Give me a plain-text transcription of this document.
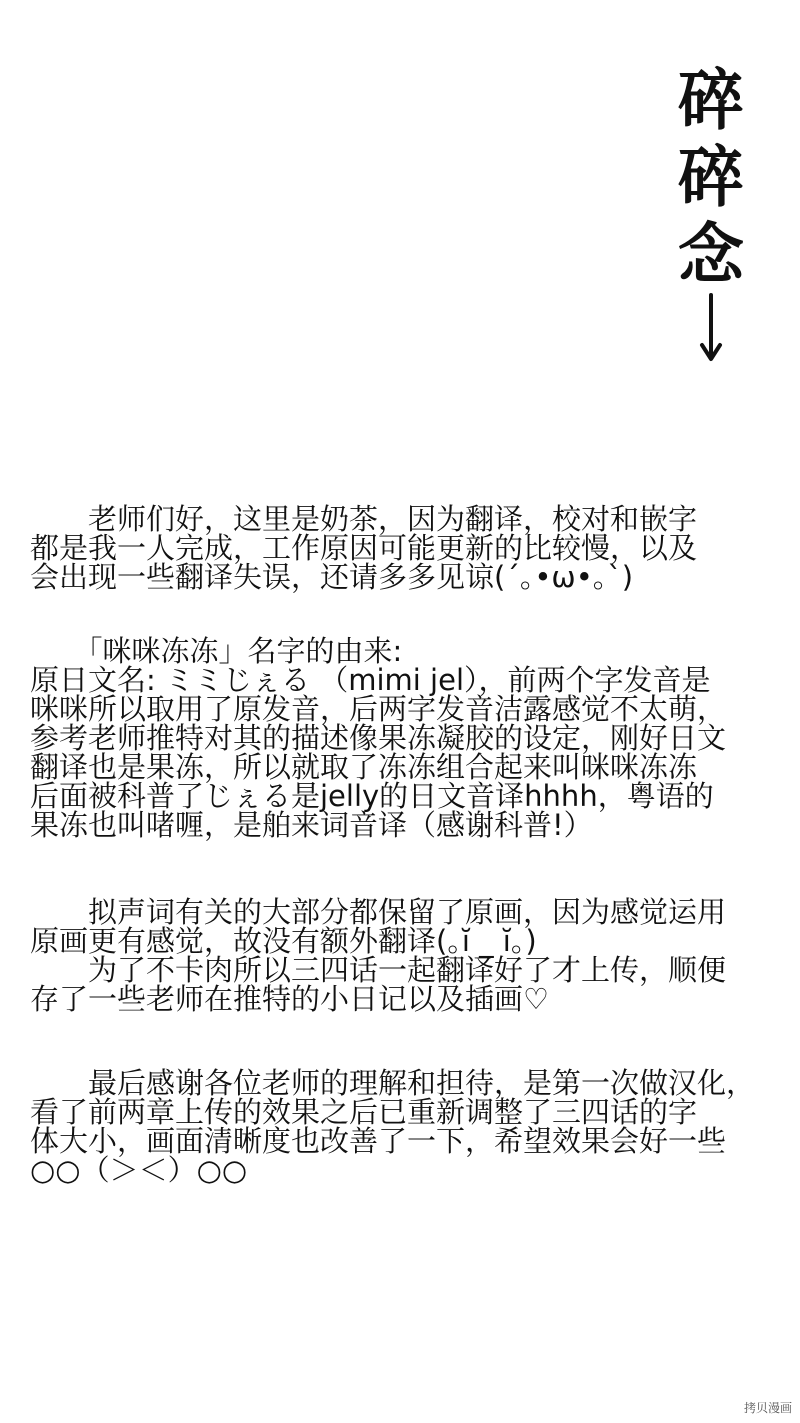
碎
碎
念
　　老师们好，这里是奶茶，因为翻译，校对和嵌字
都是我一人完成，工作原因可能更新的比较慢，以及
会出现一些翻译失误，还请多多见谅(´｡•ω•｡`)
　　「咪咪冻冻」名字的由来:
原日文名: ミミじぇる （mimi jel），前两个字发音是
咪咪所以取用了原发音，后两字发音洁露感觉不太萌，
参考老师推特对其的描述像果冻凝胶的设定，刚好日文
翻译也是果冻，所以就取了冻冻组合起来叫咪咪冻冻
后面被科普了じぇる是jelly的日文音译hhhh，粤语的
果冻也叫啫喱，是舶来词音译（感谢科普!）
　　拟声词有关的大部分都保留了原画，因为感觉运用
原画更有感觉，故没有额外翻译(｡ĭ _ ĭ｡)
　　为了不卡肉所以三四话一起翻译好了才上传，顺便
存了一些老师在推特的小日记以及插画♡
　　最后感谢各位老师的理解和担待，是第一次做汉化，
看了前两章上传的效果之后已重新调整了三四话的字
体大小，画面清晰度也改善了一下，希望效果会好一些
○○（＞＜）○○
拷贝漫画
